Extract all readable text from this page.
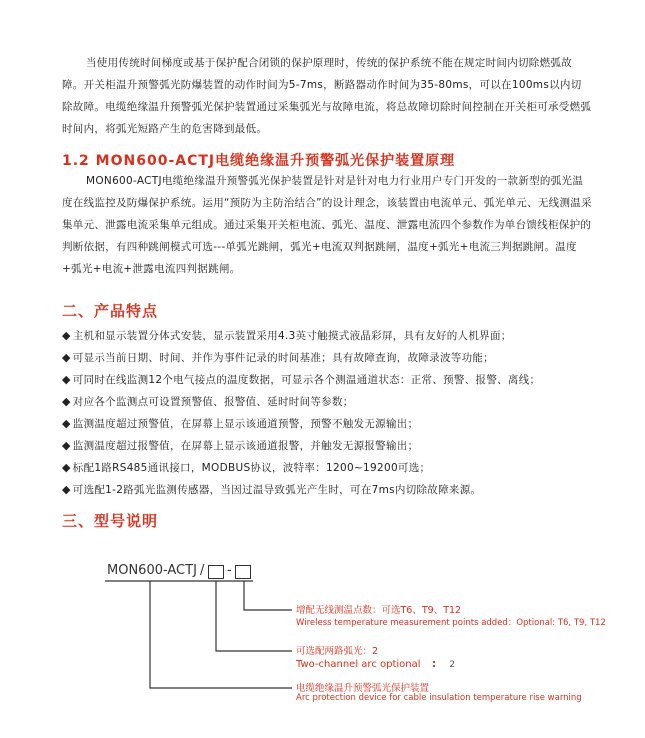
当使用传统时间梯度或基于保护配合闭锁的保护原理时，传统的保护系统不能在规定时间内切除燃弧故障。开关柜温升预警弧光防爆装置的动作时间为5-7ms，断路器动作时间为35-80ms，可以在100ms以内切除故障。电缆绝缘温升预警弧光保护装置通过采集弧光与故障电流，将总故障切除时间控制在开关柜可承受燃弧时间内，将弧光短路产生的危害降到最低。

1.2 MON600-ACTJ电缆绝缘温升预警弧光保护装置原理

MON600-ACTJ电缆绝缘温升预警弧光保护装置是针对是针对电力行业用户专门开发的一款新型的弧光温度在线监控及防爆保护系统。运用“预防为主防治结合”的设计理念，该装置由电流单元、弧光单元、无线测温采集单元、泄露电流采集单元组成。通过采集开关柜电流、弧光、温度、泄露电流四个参数作为单台馈线柜保护的判断依据，有四种跳闸模式可选---单弧光跳闸，弧光+电流双判据跳闸，温度+弧光+电流三判据跳闸。温度+弧光+电流+泄露电流四判据跳闸。

二、产品特点
◆ 主机和显示装置分体式安装，显示装置采用4.3英寸触摸式液晶彩屏，具有友好的人机界面；
◆ 可显示当前日期、时间、并作为事件记录的时间基准；具有故障查询，故障录波等功能；
◆ 可同时在线监测12个电气接点的温度数据，可显示各个测温通道状态：正常、预警、报警、离线；
◆ 对应各个监测点可设置预警值、报警值、延时时间等参数；
◆ 监测温度超过预警值，在屏幕上显示该通道预警，预警不触发无源输出；
◆ 监测温度超过报警值，在屏幕上显示该通道报警，并触发无源报警输出；
◆ 标配1路RS485通讯接口，MODBUS协议，波特率：1200~19200可选；
◆ 可选配1-2路弧光监测传感器，当因过温导致弧光产生时，可在7ms内切除故障来源。
三、型号说明
MON600-ACTJ / -
增配无线测温点数：可选T6、T9、T12
Wireless temperature measurement points added：Optional: T6, T9, T12
可选配两路弧光：2
Two-channel arc optional : 2
电缆绝缘温升预警弧光保护装置
Arc protection device for cable insulation temperature rise warning
